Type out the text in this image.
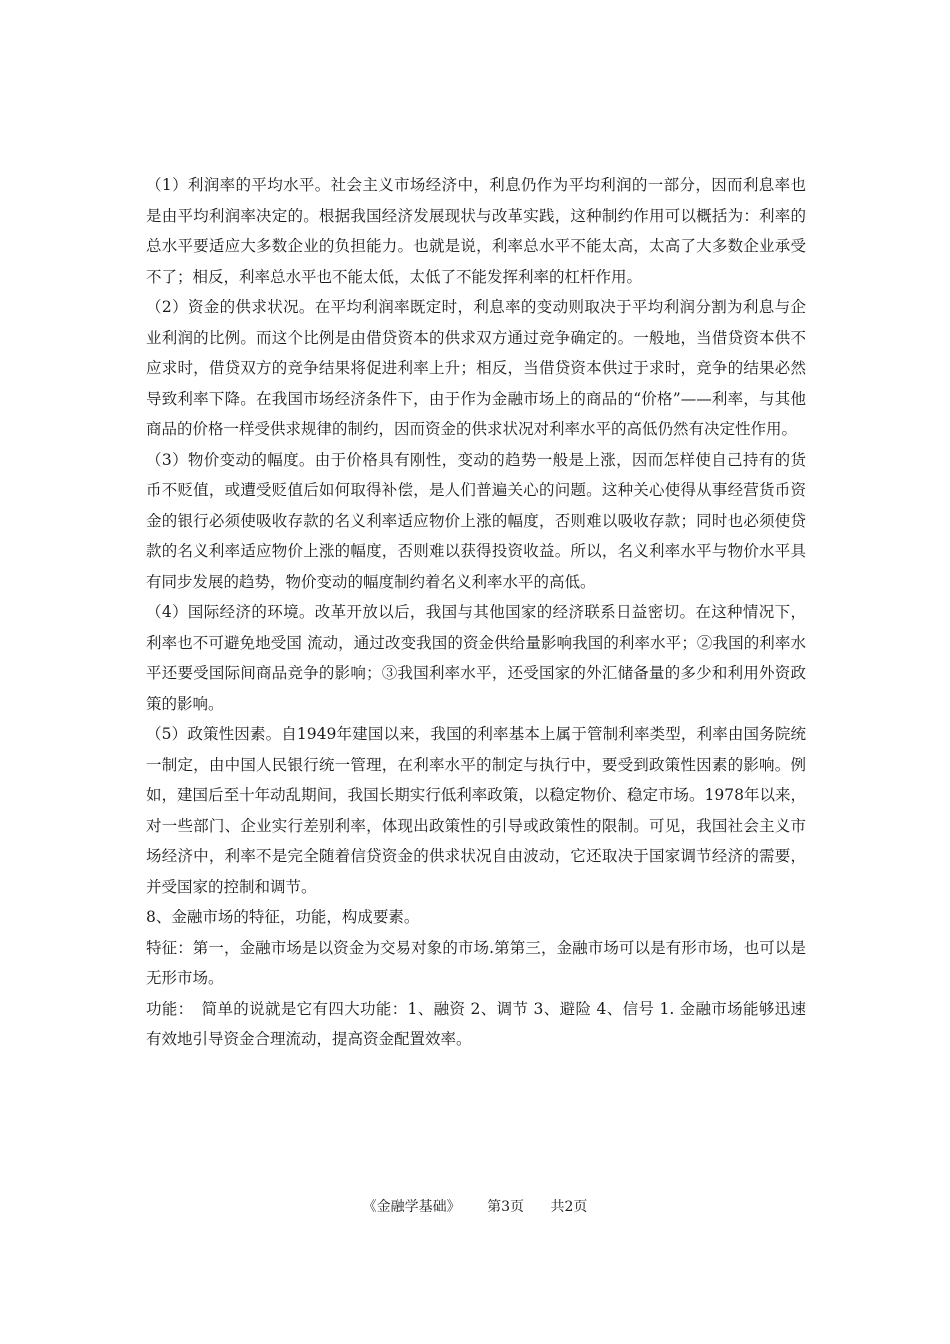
（1）利润率的平均水平。社会主义市场经济中，利息仍作为平均利润的一部分，因而利息率也是由平均利润率决定的。根据我国经济发展现状与改革实践，这种制约作用可以概括为：利率的总水平要适应大多数企业的负担能力。也就是说，利率总水平不能太高，太高了大多数企业承受不了；相反，利率总水平也不能太低，太低了不能发挥利率的杠杆作用。

（2）资金的供求状况。在平均利润率既定时，利息率的变动则取决于平均利润分割为利息与企业利润的比例。而这个比例是由借贷资本的供求双方通过竞争确定的。一般地，当借贷资本供不应求时，借贷双方的竞争结果将促进利率上升；相反，当借贷资本供过于求时，竞争的结果必然导致利率下降。在我国市场经济条件下，由于作为金融市场上的商品的“价格”——利率，与其他商品的价格一样受供求规律的制约，因而资金的供求状况对利率水平的高低仍然有决定性作用。

（3）物价变动的幅度。由于价格具有刚性，变动的趋势一般是上涨，因而怎样使自己持有的货币不贬值，或遭受贬值后如何取得补偿，是人们普遍关心的问题。这种关心使得从事经营货币资金的银行必须使吸收存款的名义利率适应物价上涨的幅度，否则难以吸收存款；同时也必须使贷款的名义利率适应物价上涨的幅度，否则难以获得投资收益。所以，名义利率水平与物价水平具有同步发展的趋势，物价变动的幅度制约着名义利率水平的高低。

（4）国际经济的环境。改革开放以后，我国与其他国家的经济联系日益密切。在这种情况下，利率也不可避免地受国 流动，通过改变我国的资金供给量影响我国的利率水平；②我国的利率水平还要受国际间商品竞争的影响；③我国利率水平，还受国家的外汇储备量的多少和利用外资政策的影响。

（5）政策性因素。自1949年建国以来，我国的利率基本上属于管制利率类型，利率由国务院统一制定，由中国人民银行统一管理，在利率水平的制定与执行中，要受到政策性因素的影响。例如，建国后至十年动乱期间，我国长期实行低利率政策，以稳定物价、稳定市场。1978年以来，对一些部门、企业实行差别利率，体现出政策性的引导或政策性的限制。可见，我国社会主义市场经济中，利率不是完全随着信贷资金的供求状况自由波动，它还取决于国家调节经济的需要，并受国家的控制和调节。

8、金融市场的特征，功能，构成要素。

特征：第一，金融市场是以资金为交易对象的市场.第第三，金融市场可以是有形市场，也可以是无形市场。

功能：　简单的说就是它有四大功能：1、融资 2、调节 3、避险 4、信号 1. 金融市场能够迅速有效地引导资金合理流动，提高资金配置效率。

《金融学基础》 第3页 共2页
